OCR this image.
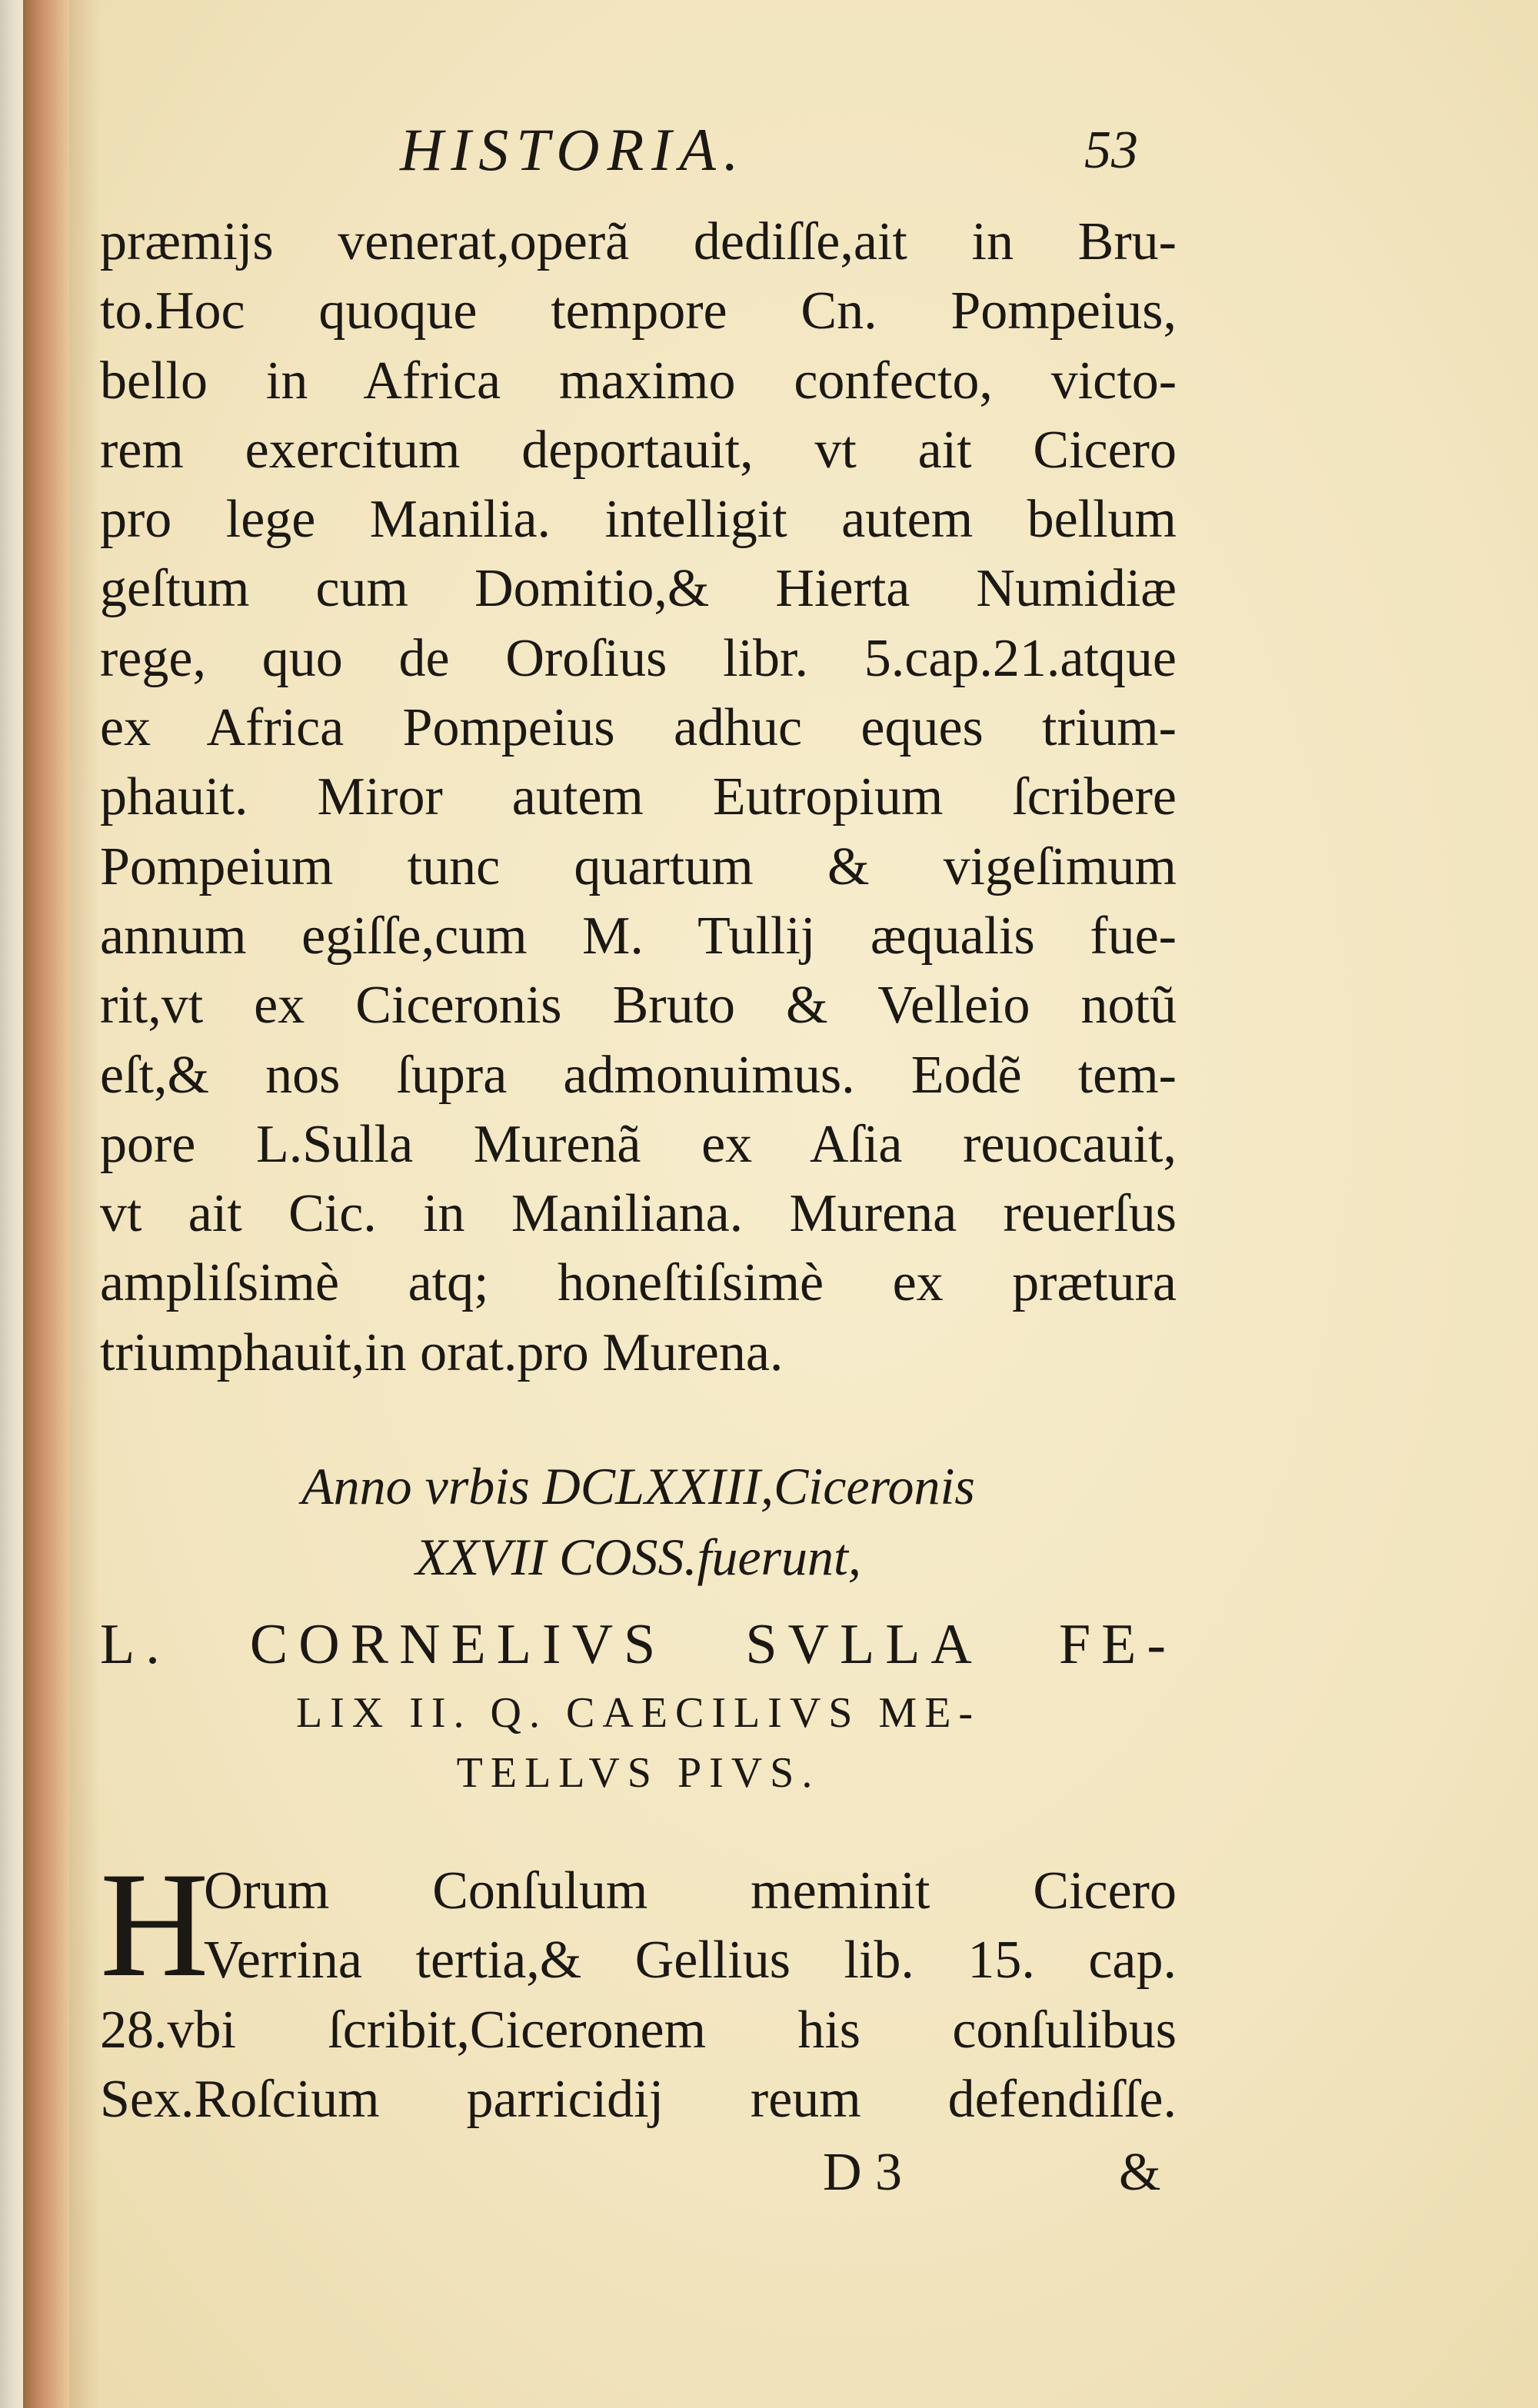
HISTORIA.	53
præmijs venerat,operã dediſſe,ait in Bru-
to.Hoc quoque tempore Cn. Pompeius,
bello in Africa maximo confecto, victo-
rem exercitum deportauit, vt ait Cicero
pro lege Manilia. intelligit autem bellum
geſtum cum Domitio,& Hierta Numidiæ
rege, quo de Oroſius libr. 5.cap.21.atque
ex Africa Pompeius adhuc eques trium-
phauit. Miror autem Eutropium ſcribere
Pompeium tunc quartum & vigeſimum
annum egiſſe,cum M. Tullij æqualis fue-
rit,vt ex Ciceronis Bruto & Velleio notũ
eſt,& nos ſupra admonuimus. Eodẽ tem-
pore L.Sulla Murenã ex Aſia reuocauit,
vt ait Cic. in Maniliana. Murena reuerſus
ampliſsimè atq; honeſtiſsimè ex prætura
triumphauit,in orat.pro Murena.
Anno vrbis DCLXXIII,Ciceronis
XXVII COSS.fuerunt,
L. CORNELIVS SVLLA FE-
LIX II. Q. CAECILIVS ME-
TELLVS PIVS.
H
Orum Conſulum meminit Cicero
Verrina tertia,& Gellius lib. 15. cap.
28.vbi ſcribit,Ciceronem his conſulibus
Sex.Roſcium parricidij reum defendiſſe.
D 3	&
